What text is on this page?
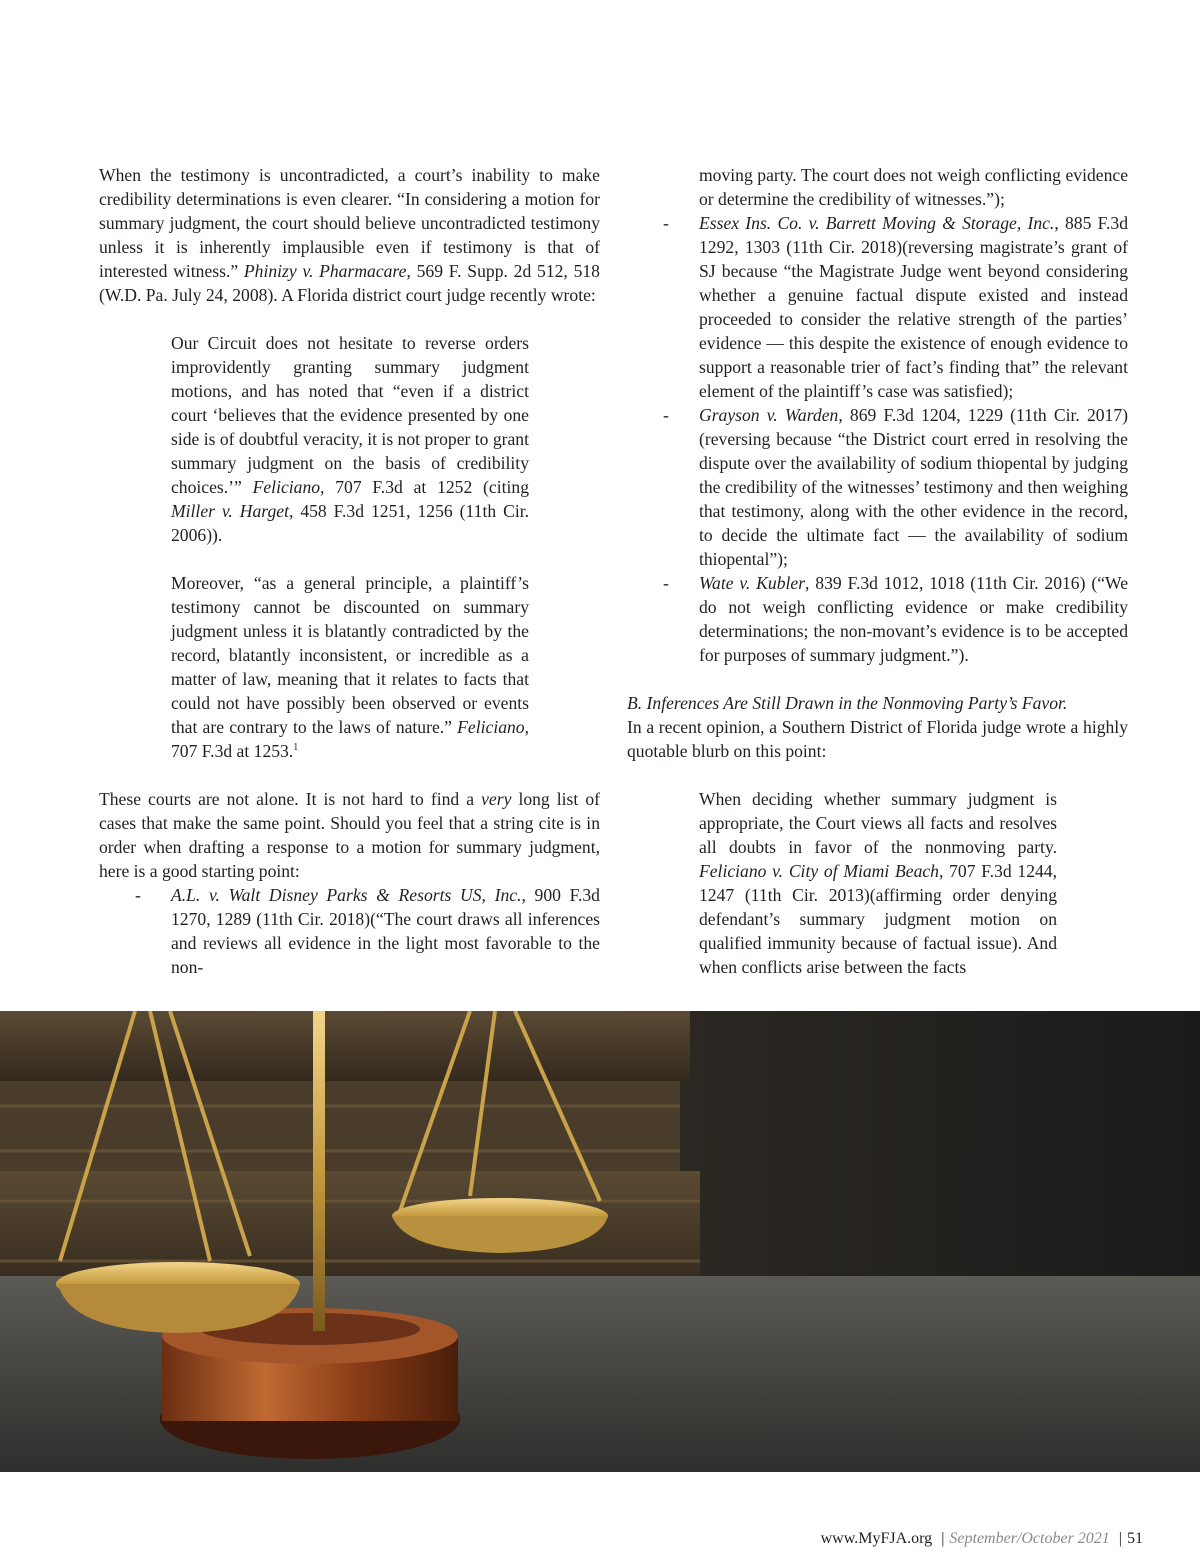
When the testimony is uncontradicted, a court’s inability to make credibility determinations is even clearer. “In considering a motion for summary judgment, the court should believe uncontradicted testimony unless it is inherently implausible even if testimony is that of interested witness.” Phinizy v. Pharmacare, 569 F. Supp. 2d 512, 518 (W.D. Pa. July 24, 2008). A Florida district court judge recently wrote:

Our Circuit does not hesitate to reverse orders improvidently granting summary judgment motions, and has noted that “even if a district court ‘believes that the evidence presented by one side is of doubtful veracity, it is not proper to grant summary judgment on the basis of credibility choices.’” Feliciano, 707 F.3d at 1252 (citing Miller v. Harget, 458 F.3d 1251, 1256 (11th Cir. 2006)).

Moreover, “as a general principle, a plaintiff’s testimony cannot be discounted on summary judgment unless it is blatantly contradicted by the record, blatantly inconsistent, or incredible as a matter of law, meaning that it relates to facts that could not have possibly been observed or events that are contrary to the laws of nature.” Feliciano, 707 F.3d at 1253.$^1$

These courts are not alone. It is not hard to find a very long list of cases that make the same point. Should you feel that a string cite is in order when drafting a response to a motion for summary judgment, here is a good starting point:

- A.L. v. Walt Disney Parks & Resorts US, Inc., 900 F.3d 1270, 1289 (11th Cir. 2018)(“The court draws all inferences and reviews all evidence in the light most favorable to the non-

moving party. The court does not weigh conflicting evidence or determine the credibility of witnesses.”);

- Essex Ins. Co. v. Barrett Moving & Storage, Inc., 885 F.3d 1292, 1303 (11th Cir. 2018)(reversing magistrate’s grant of SJ because “the Magistrate Judge went beyond considering whether a genuine factual dispute existed and instead proceeded to consider the relative strength of the parties’ evidence — this despite the existence of enough evidence to support a reasonable trier of fact’s finding that” the relevant element of the plaintiff’s case was satisfied);
- Grayson v. Warden, 869 F.3d 1204, 1229 (11th Cir. 2017) (reversing because “the District court erred in resolving the dispute over the availability of sodium thiopental by judging the credibility of the witnesses’ testimony and then weighing that testimony, along with the other evidence in the record, to decide the ultimate fact — the availability of sodium thiopental”);
- Wate v. Kubler, 839 F.3d 1012, 1018 (11th Cir. 2016) (“We do not weigh conflicting evidence or make credibility determinations; the non-movant’s evidence is to be accepted for purposes of summary judgment.”).

B. Inferences Are Still Drawn in the Nonmoving Party’s Favor.

In a recent opinion, a Southern District of Florida judge wrote a highly quotable blurb on this point:

When deciding whether summary judgment is appropriate, the Court views all facts and resolves all doubts in favor of the nonmoving party. Feliciano v. City of Miami Beach, 707 F.3d 1244, 1247 (11th Cir. 2013)(affirming order denying defendant’s summary judgment motion on qualified immunity because of factual issue). And when conflicts arise between the facts

www.MyFJA.org | September/October 2021 | 51
